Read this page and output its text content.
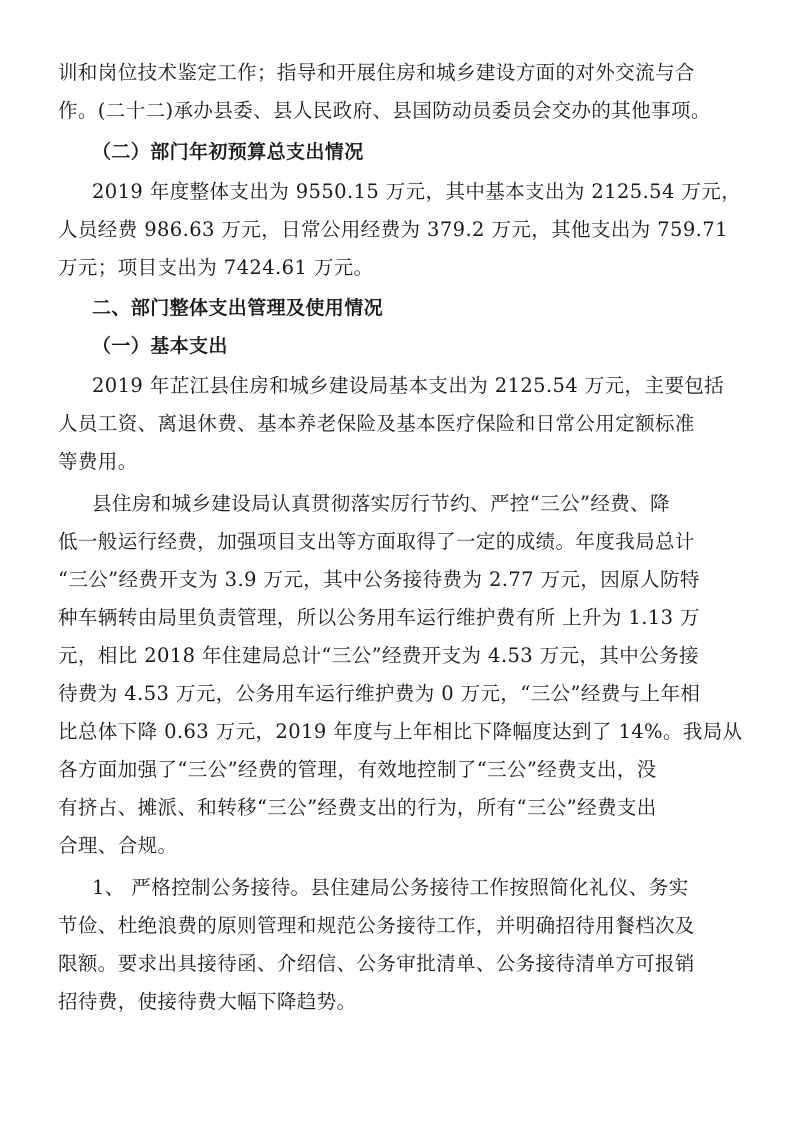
训和岗位技术鉴定工作；指导和开展住房和城乡建设方面的对外交流与合
作。(二十二)承办县委、县人民政府、县国防动员委员会交办的其他事项。
（二）部门年初预算总支出情况
2019 年度整体支出为 9550.15 万元，其中基本支出为 2125.54 万元，
人员经费 986.63 万元，日常公用经费为 379.2 万元，其他支出为 759.71
万元；项目支出为 7424.61 万元。
二、部门整体支出管理及使用情况
（一）基本支出
2019 年芷江县住房和城乡建设局基本支出为 2125.54 万元，主要包括
人员工资、离退休费、基本养老保险及基本医疗保险和日常公用定额标准
等费用。
县住房和城乡建设局认真贯彻落实厉行节约、严控“三公”经费、降
低一般运行经费，加强项目支出等方面取得了一定的成绩。年度我局总计
“三公”经费开支为 3.9 万元，其中公务接待费为 2.77 万元，因原人防特
种车辆转由局里负责管理，所以公务用车运行维护费有所 上升为 1.13 万
元，相比 2018 年住建局总计“三公”经费开支为 4.53 万元，其中公务接
待费为 4.53 万元，公务用车运行维护费为 0 万元，“三公”经费与上年相
比总体下降 0.63 万元，2019 年度与上年相比下降幅度达到了 14%。我局从
各方面加强了“三公”经费的管理，有效地控制了“三公”经费支出，没
有挤占、摊派、和转移“三公”经费支出的行为，所有“三公”经费支出
合理、合规。
1、 严格控制公务接待。县住建局公务接待工作按照简化礼仪、务实
节俭、杜绝浪费的原则管理和规范公务接待工作，并明确招待用餐档次及
限额。要求出具接待函、介绍信、公务审批清单、公务接待清单方可报销
招待费，使接待费大幅下降趋势。
